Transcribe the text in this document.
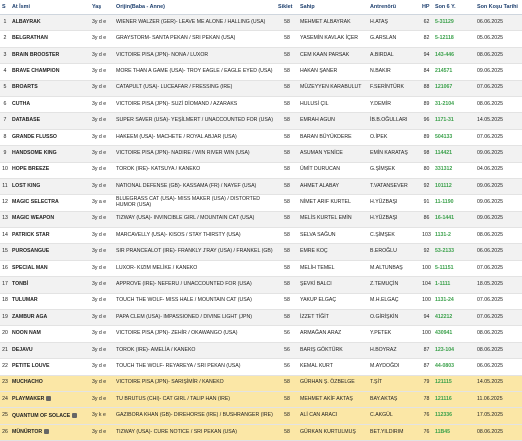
S	At İsmi	Yaş	Orijin(Baba - Anne)	Siklet	Sahip	Antrenörü	HP	Son 6 Y.	Son Koşu Tarihi
1	ALBAYRAK	3y d e	WIENER WALZER (GER)- LEAVE ME ALONE / HALLING (USA)	58	MEHMET ALBAYRAK	H.ATAŞ	62	5-31129	06.06.2025
2	BELGRATHAN	3y d e	GRAYSTORM- SANTA PEKAN / SRI PEKAN (USA)	58	YASEMİN KAVLAK İÇER	G.ARSLAN	82	5-12118	05.06.2025
3	BRAIN BROOSTER	3y d e	VICTOIRE PISA (JPN)- NONA / LUXOR	58	CEM KAAN PARSAK	A.BIRDAL	94	143-446	08.06.2025
4	BRAVE CHAMPION	3y d e	MORE THAN A GAME (USA)- TROY EAGLE / EAGLE EYED (USA)	58	HAKAN ŞANER	N.BAKIR	84	214571	09.06.2025
5	BROARTS	3y d e	CATAPULT (USA)- LUCEAFAR / FRESSING (IRE)	58	MÜZEYYEN KARABULUT	F.SERİNTÜRK	88	121067	07.06.2025
6	CUTHA	3y d e	VICTOIRE PISA (JPN)- SUZİ DİOMAND / AZARAKS	58	HULUSİ ÇIL	Y.DEMİR	89	31-2104	08.06.2025
7	DATABASE	3y d e	SUPER SAVER (USA)- YEŞİLMERT / UNACCOUNTED FOR (USA)	58	EMRAH AGUN	İB.B.OĞULLARI	96	1171-31	14.05.2025
8	GRANDE FLUSSO	3y d e	HAKEEM (USA)- MACHETE / ROYAL ABJAR (USA)	58	BARAN BÜYÜKDERE	O.İPEK	89	504133	07.06.2025
9	HANDSOME KING	3y d e	VICTOIRE PISA (JPN)- NADIRE / WIN RIVER WIN (USA)	58	ASUMAN YENİCE	EMİN KARATAŞ	98	114421	09.06.2025
10	HOPE BREEZE	3y d e	TOROK (IRE)- KATSUYA / KANEKO	58	ÜMİT DURUCAN	G.ŞİMŞEK	80	331312	04.06.2025
11	LOST KING	3y d e	NATIONAL DEFENSE (GB)- KASSAMA (FR) / NAYEF (USA)	58	AHMET ALABAY	T.VATANSEVER	92	101112	09.06.2025
12	MAGIC SELECTRA	3y a e	BLUEGRASS CAT (USA)- MISS MAKER (USA) / DISTORTED HUMOR (USA)	58	NİMET ARIF KURTEL	H.YÜZBAŞI	91	11-1190	09.06.2025
13	MAGIC WEAPON	3y d e	TIZWAY (USA)- INVINCIBLE GIRL / MOUNTAIN CAT (USA)	58	MELİS KURTEL EMİN	H.YÜZBAŞI	86	16-1441	09.06.2025
14	PATRICK STAR	3y d e	MARCAVELLY (USA)- KISOS / STAY THIRSTY (USA)	58	SELVA SAĞUN	C.ŞİMŞEK	103	1131-2	08.06.2025
15	PUROSANGUE	3y d e	SIR PRANCEALOT (IRE)- FRANKLY J'RAY (USA) / FRANKEL (GB)	58	EMRE KOÇ	B.EROĞLU	92	53-2133	06.06.2025
16	SPECIAL MAN	3y d e	LUXOR- KIZIM MELİKE / KANEKO	58	MELİH TEMEL	M.ALTUNBAŞ	100	5-11151	07.06.2025
17	TONBİ	3y d e	APPROVE (IRE)- NEFERU / UNACCOUNTED FOR (USA)	58	ŞEVKİ BALCI	Z.TEMUÇİN	104	1-1111	18.05.2025
18	TULUMAR	3y d e	TOUCH THE WOLF- MISS HALE / MOUNTAIN CAT (USA)	58	YAKUP ELGAÇ	M.H.ELGAÇ	100	1131-24	07.06.2025
19	ZAMBUR AGA	3y d e	PAPA CLEM (USA)- IMPASSIONED / DIVINE LIGHT (JPN)	58	İZZET TİĞİT	O.GİRİŞKİN	94	412212	07.06.2025
20	NOON NAM	3y d e	VICTOIRE PISA (JPN)- ZEHİR / OKAWANGO (USA)	56	ARMAĞAN ARAZ	Y.PETEK	100	430941	08.06.2025
21	DEJAVU	3y d e	TOROK (IRE)- AMELİA / KANEKO	56	BARIŞ GÖKTÜRK	H.BOYRAZ	87	123-104	08.06.2025
22	PETITE LOUVE	3y d e	TOUCH THE WOLF- REYAREYA / SRI PEKAN (USA)	56	KEMAL KURT	M.AYDOĞDI	87	44-0803	06.06.2025
23	MUCHACHO	3y d e	VICTOIRE PISA (JPN)- SARIŞİMİR / KANEKO	58	GÜRHAN Ş. ÖZBELGE	T.ŞİT	79	121115	14.05.2025
24	PLAYMAKER	3y d e	TU BRUTUS (CHI)- CAT GIRL / TALIP HAN (IRE)	58	MEHMET AKİF AKTAŞ	BAY.AKTAŞ	78	121116	11.06.2025
25	QUANTUM OF SOLACE	3y k e	GAZIBORA KHAN (GB)- DIREHORSE (IRE) / BUSHRANGER (IRE)	58	ALİ CAN ARACI	C.AKGÜL	76	112336	17.05.2025
26	MÜNÜRTOR	3y d e	TIZWAY (USA)- CURE NOTICE / SRI PEKAN (USA)	58	GÜRKAN KURTULMUŞ	BET.YILDIRIM	76	11B45	08.06.2025
